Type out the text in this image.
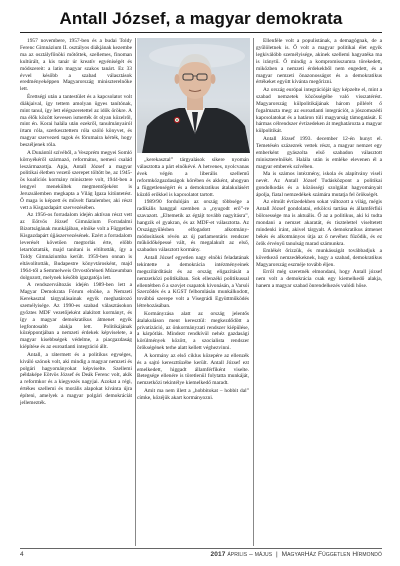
Antall József, a magyar demokrata

1957 novembere, 1957-ben és a budai Toldy Ferenc Gimnázium II. osztályos diákjának kezembe ma az osztályfőnöki mötöttek, szellemes, finoman kultúrált, a kis tanár úr kreatív egyéniségét és módszereit: a latin magyar szakos tanárt. Ez 33 évvel később a szabad választások eredményeképpen Magyarország miniszterelnöke lett.

Érettségi után a tantestület és a kapcsolatot volt diákjaival, így tettem amolyan ügyes tanítónak, mint tanul, így lett elégszeretettel az idők örökre. A ma élők között kevesen ismerték őt olyan közelről, mint én. Korai halála után ezekről, tanulmányairól írtam róla, szerkesztettem róla szóló könyvet, és magyar szervezeti tagok és fórumaira kérték, hogy beszéljenek róla.

A Dunántúl szívéből, a Veszprém megyei Somló környékéről származó, református, nemesi család leszármazottja. Apja, Antall József a magyar politikai életben vezető szerepet töltött be, az 1945-ös koalíciós kormány minisztere volt, 1944-ben a lengyel menekültek megmentőjeként is Jeruzsálemben megkapta a Világ Igaza kitüntetést. Ő maga is képzett és művelt fiatalember, aki részt vett a Kisgazdapárt szervezésében.

Az 1956-os forradalom idején aktívan részt vett az Eötvös József Gimnázium Forradalmi Bizottságának munkájában, elnöke volt a Független Kisgazdapárt újjászervezésének. Ezért a forradalom leverését követően megtorlás érte, előbb letartóztatták, majd tanítani is eltiltották, így a Toldy Gimnáziumba került. 1959-ben onnan is eltávolították, Budapestre könyvtárosként, majd 1964-től a Semmelweis Orvostörténeti Múzeumban dolgozott, melynek később igazgatója lett.

A rendszerváltozás idején 1989-ben lett a Magyar Demokrata Fórum elnöke, a Nemzeti Kerekasztal tárgyalásainak egyik meghatározó személyisége. Az 1990-es szabad választásokon győztes MDF vezetőjeként alakított kormányt, és így a magyar demokratikus átmenet egyik legfontosabb alakja lett. Politikájának középpontjában a nemzeti érdekek képviselete, a magyar kisebbségek védelme, a piacgazdaság kiépítése és az euroatlanti integráció állt.

Antall, a rátermett és a politikus egységes, kiváló szónok volt, aki mindig a magyar nemzeti és polgári hagyományokat képviselte. Szellemi példaképe Eötvös József és Deák Ferenc volt, akik a reformkor és a kiegyezés nagyjai. Azokat a régi, értékes szellemi és morális alapokat kívánta újra építeni, amelyek a magyar polgári demokráciát jellemezték.

„kerekasztal” tárgyalások sikere nyomán választotta a párt elnökévé. A hetvenes, nyolcvanas évek végén a liberális szellemű reformközgazdaságok körében és akként, ahogyan a függetlenségért és a demokratikus átalakulásért küzdő erőkkel is kapcsolatot tartott.

1989/90 fordulóján az ország többsége a radikális hanggal szemben a „nyugodt erő”-re szavazott. „Eltemetik az égtájt tovább nagyításra”, hangzik el gyakran, és az MDF-et választotta. Az Országgyűlésben elfogadott alkotmány-módosítások révén az új parlamentáris rendszer működőképessé vált, és megalakult az első, szabadon választott kormány.

Antall József egyetlen nagy elnöki feladatának tekintette a demokrácia intézményeinek megszilárdítását és az ország eligazítását a nemzetközi politikában. Sok ellenzéki politikussal ellentétben ő a szovjet csapatok kivonásán, a Varsói Szerződés és a KGST felbomlásán munkálkodott, továbbá szerepe volt a Visegrádi Együttműködés létrehozásában.

Kormányzása alatt az ország jelentős átalakuláson ment keresztül: megkezdődött a privatizáció, az önkormányzati rendszer kiépülése, a kárpótlás. Mindezt rendkívül nehéz gazdasági körülmények között, a szocialista rendszer örökségének terhe alatt kellett véghezvinni.

A kormány az első ciklus közepére az ellenzék és a sajtó kereszttüzébe került. Antall József ezt emelkedett, higgadt államférfiként viselte. Betegsége ellenére is töretlenül folytatta munkáját, nemzetközi tekintélye kiemelkedő maradt.

Amit ma nem illett a „hobbitokat – hobbit dal” címke, közéjük akart kormányozni.

Ellenféle volt a populistának, a demagógnak, de a gyűlöletnek is. Ő volt a magyar politikai élet egyik legkiválóbb személyisége, akinek szellemi hagyatéka ma is iránytű. Ő mindig a kompromisszumra törekedett, miközben a nemzeti érdekekből nem engedett, és a magyar nemzeti önazonosságot és a demokratikus értékeket együtt kívánta megőrizni.

Az ország európai integrációját úgy képzelte el, mint a szabad nemzetek közösségébe való visszatérést. Magyarország külpolitikájának három pillérét ő fogalmazta meg: az euroatlanti integrációt, a jószomszédi kapcsolatokat és a határon túli magyarság támogatását. E hármas célrendszer évtizedeken át meghatározta a magyar külpolitikát.

Antall József 1993. december 12-én hunyt el. Temetésén százezrek vettek részt, a magyar nemzet egy emberként gyászolta első szabadon választott miniszterelnökét. Halála után is emléke elevenen él a magyar emberek szívében.

Ma is számos intézmény, iskola és alapítvány viseli nevét. Az Antall József Tudásközpont a politikai gondolkodás és a közösségi szolgálat hagyományait ápolja, fiatal nemzedékek számára mutatja fel örökségét.

Az elmúlt évtizedekben sokat változott a világ, mégis Antall József gondolatai, erkölcsi tartása és államférfiúi bölcsessége ma is aktuális. Ő az a politikus, aki ki tudta mondani a nemzet akaratát, és tisztelettel viseltetett mindenki iránt, akivel tárgyalt. A demokratikus átmenet békés és alkotmányos útja az ő nevéhez fűződik, és ez örök érvényű tanulság marad számunkra.

Emlékét őrizzük, és munkásságát továbbadjuk a következő nemzedékeknek, hogy a szabad, demokratikus Magyarország eszméje tovább éljen.

Erről még szeretnék elmondani, hogy Antall józsef nem volt a demokrácia csak egy kiemelkedő alakja, hanem a magyar szabad önrendelkezés valódi hőse.

4	2017 április – május  |  MagyarHáz Független Hírmondó
